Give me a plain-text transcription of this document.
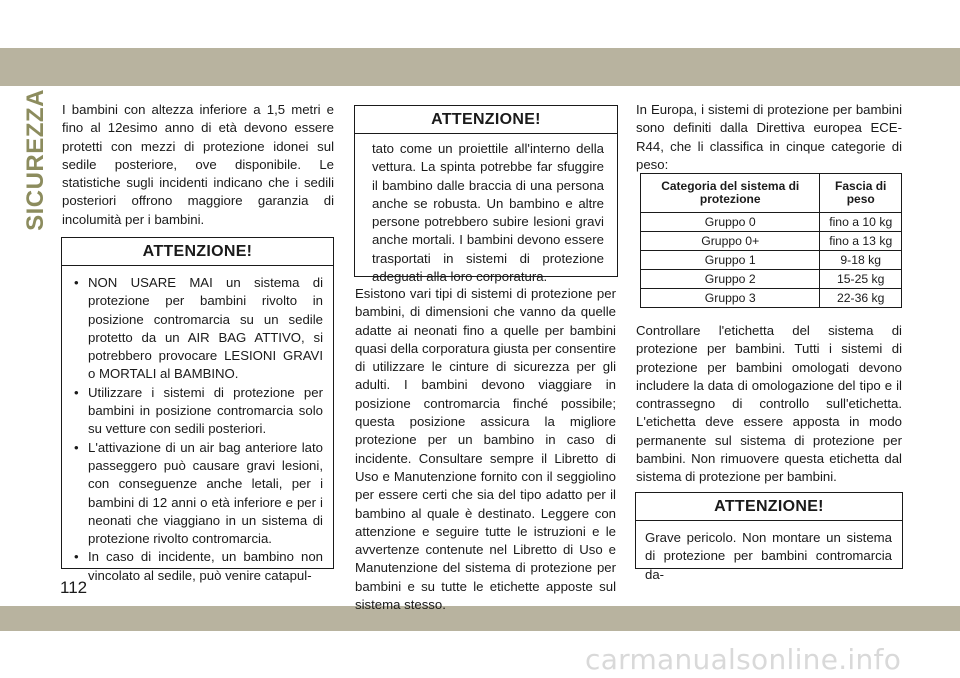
SICUREZZA I bambini con altezza inferiore a 1,5 metri e fino al 12esimo anno di età devono essere protetti con mezzi di protezione idonei sul sedile posteriore, ove disponibile. Le statistiche sugli incidenti indicano che i sedili posteriori offrono maggiore garanzia di incolumità per i bambini.

ATTENZIONE!
• NON USARE MAI un sistema di protezione per bambini rivolto in posizione contromarcia su un sedile protetto da un AIR BAG ATTIVO, si potrebbero provocare LESIONI GRAVI o MORTALI al BAMBINO.
• Utilizzare i sistemi di protezione per bambini in posizione contromarcia solo su vetture con sedili posteriori.
• L'attivazione di un air bag anteriore lato passeggero può causare gravi lesioni, con conseguenze anche letali, per i bambini di 12 anni o età inferiore e per i neonati che viaggiano in un sistema di protezione rivolto contromarcia.
• In caso di incidente, un bambino non vincolato al sedile, può venire catapul-
ATTENZIONE!
tato come un proiettile all'interno della vettura. La spinta potrebbe far sfuggire il bambino dalle braccia di una persona anche se robusta. Un bambino e altre persone potrebbero subire lesioni gravi anche mortali. I bambini devono essere trasportati in sistemi di protezione adeguati alla loro corporatura.
Esistono vari tipi di sistemi di protezione per bambini, di dimensioni che vanno da quelle adatte ai neonati fino a quelle per bambini quasi della corporatura giusta per consentire di utilizzare le cinture di sicurezza per gli adulti. I bambini devono viaggiare in posizione contromarcia finché possibile; questa posizione assicura la migliore protezione per un bambino in caso di incidente. Consultare sempre il Libretto di Uso e Manutenzione fornito con il seggiolino per essere certi che sia del tipo adatto per il bambino al quale è destinato. Leggere con attenzione e seguire tutte le istruzioni e le avvertenze contenute nel Libretto di Uso e Manutenzione del sistema di protezione per bambini e su tutte le etichette apposte sul sistema stesso.

In Europa, i sistemi di protezione per bambini sono definiti dalla Direttiva europea ECE-R44, che li classifica in cinque categorie di peso:

Categoria del sistema di protezione	Fascia di peso
Gruppo 0	fino a 10 kg
Gruppo 0+	fino a 13 kg
Gruppo 1	9-18 kg
Gruppo 2	15-25 kg
Gruppo 3	22-36 kg
Controllare l'etichetta del sistema di protezione per bambini. Tutti i sistemi di protezione per bambini omologati devono includere la data di omologazione del tipo e il contrassegno di controllo sull'etichetta. L'etichetta deve essere apposta in modo permanente sul sistema di protezione per bambini. Non rimuovere questa etichetta dal sistema di protezione per bambini.
ATTENZIONE!
Grave pericolo. Non montare un sistema di protezione per bambini contromarcia da-
112
carmanualsonline.info
